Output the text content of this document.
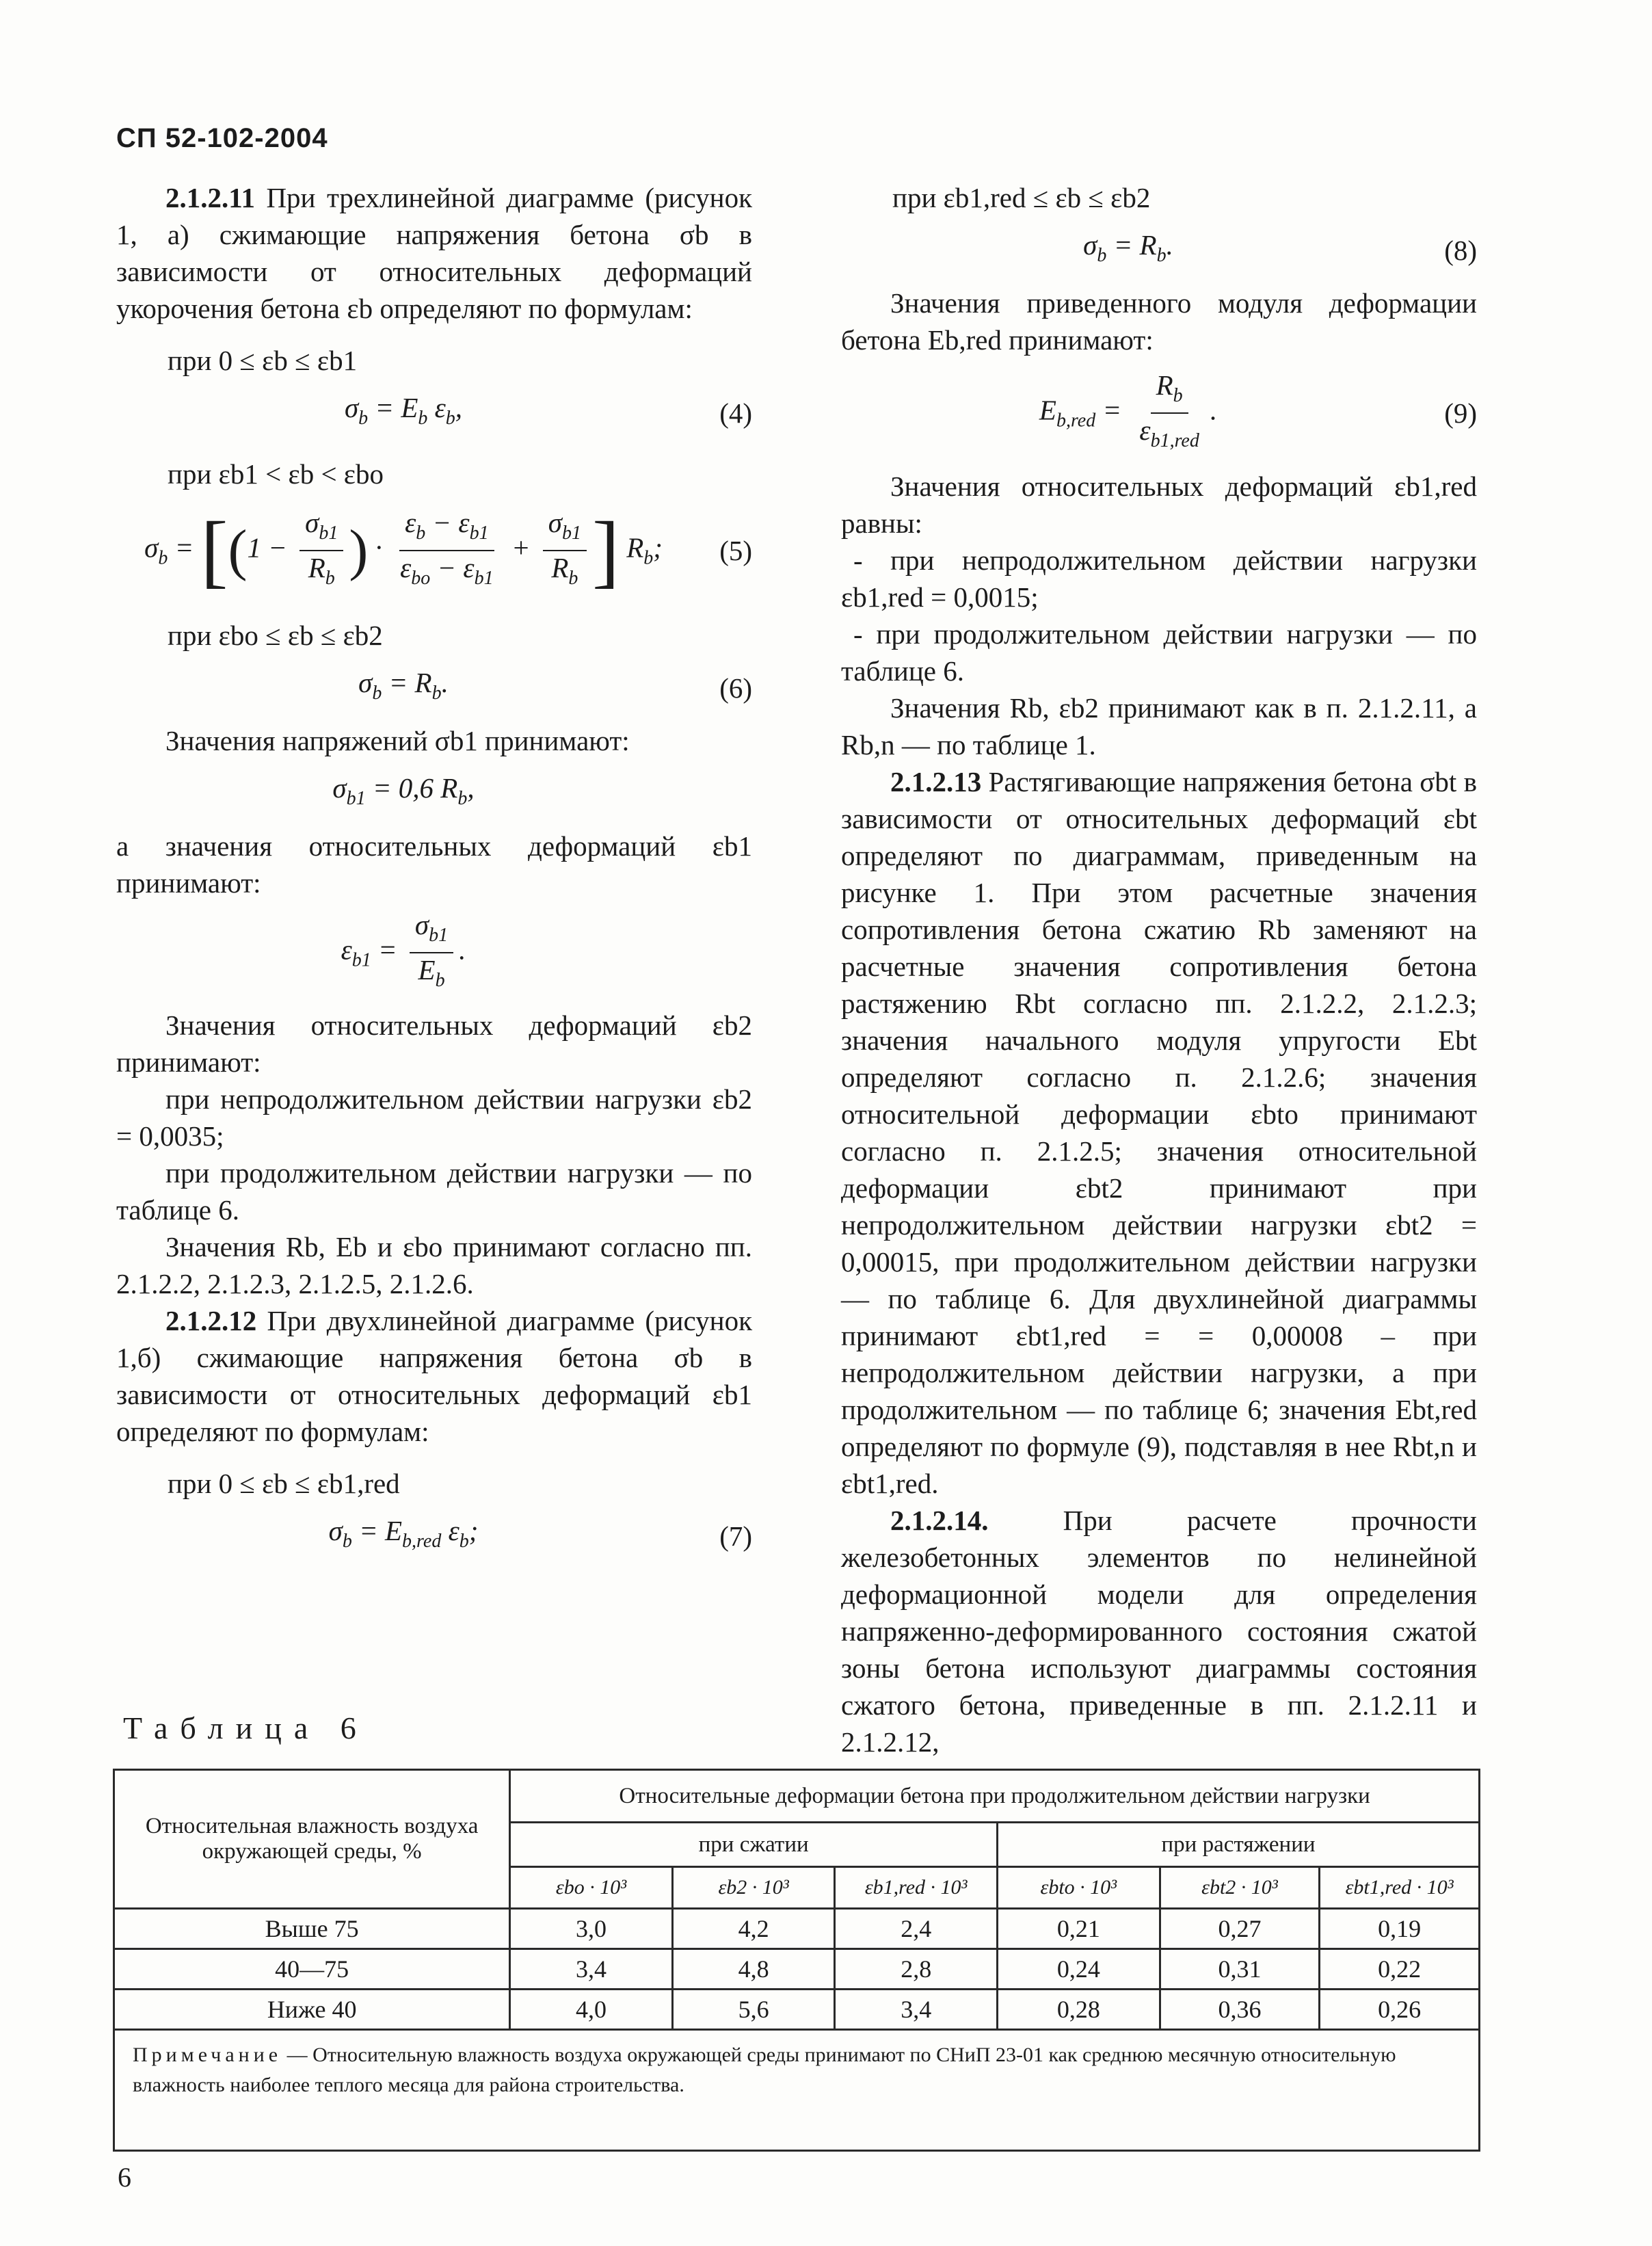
СП 52-102-2004

2.1.2.11 При трехлинейной диаграмме (рисунок 1, а) сжимающие напряжения бетона σb в зависимости от относительных деформаций укорочения бетона εb определяют по формулам:

при 0 ≤ εb ≤ εb1

$\sigma_b = E_b$ $\varepsilon_b$,	(4)

при εb1 < εb < εbo

$\sigma_b = [(1 - \frac{\sigma_{b1}}{R_b}$ ) · $\frac{\varepsilon_b - \varepsilon_{b1}}{\varepsilon_{bo} - \varepsilon_{b1}} + \frac{\sigma_{b1}}{R_b}$ ] $R_b$;	(5)

при εbo ≤ εb ≤ εb2

$\sigma_b = R_b$.	(6)

Значения напряжений σb1 принимают:

$\sigma_{b1} = 0,6$ $R_b$,

а значения относительных деформаций εb1 принимают:

$\varepsilon_{b1} = \frac{\sigma_{b1}}{E_b}$ .

Значения относительных деформаций εb2 принимают:

при непродолжительном действии нагрузки εb2 = 0,0035;

при продолжительном действии нагрузки — по таблице 6.

Значения Rb, Eb и εbo принимают согласно пп. 2.1.2.2, 2.1.2.3, 2.1.2.5, 2.1.2.6.

2.1.2.12 При двухлинейной диаграмме (рисунок 1,б) сжимающие напряжения бетона σb в зависимости от относительных деформаций εb1 определяют по формулам:

при 0 ≤ εb ≤ εb1,red

$\sigma_b = E_{b,red}$ $\varepsilon_b$;	(7)

при εb1,red ≤ εb ≤ εb2

$\sigma_b = R_b$.	(8)

Значения приведенного модуля деформации бетона Eb,red принимают:

$E_{b,red} = \frac{R_b}{\varepsilon_{b1,red}}$ .	(9)

Значения относительных деформаций εb1,red равны:

- при непродолжительном действии нагрузки εb1,red = 0,0015;

- при продолжительном действии нагрузки — по таблице 6.

Значения Rb, εb2 принимают как в п. 2.1.2.11, а Rb,n — по таблице 1.

2.1.2.13 Растягивающие напряжения бетона σbt в зависимости от относительных деформаций εbt определяют по диаграммам, приведенным на рисунке 1. При этом расчетные значения сопротивления бетона сжатию Rb заменяют на расчетные значения сопротивления бетона растяжению Rbt согласно пп. 2.1.2.2, 2.1.2.3; значения начального модуля упругости Ebt определяют согласно п. 2.1.2.6; значения относительной деформации εbto принимают согласно п. 2.1.2.5; значения относительной деформации εbt2 принимают при непродолжительном действии нагрузки εbt2 = 0,00015, при продолжительном действии нагрузки — по таблице 6. Для двухлинейной диаграммы принимают εbt1,red = = 0,00008 – при непродолжительном действии нагрузки, а при продолжительном — по таблице 6; значения Ebt,red определяют по формуле (9), подставляя в нее Rbt,n и εbt1,red.

2.1.2.14.	При расчете прочности железобетонных элементов по нелинейной деформационной модели для определения напряженно-деформированного состояния сжатой зоны бетона используют диаграммы состояния сжатого бетона, приведенные в пп. 2.1.2.11 и 2.1.2.12,

Таблица 6
Относительная влажность воздуха окружающей среды, %	Относительные деформации бетона при продолжительном действии нагрузки					
	при сжатии			при растяжении		
	εbo · 10³	εb2 · 10³	εb1,red · 10³	εbto · 10³	εbt2 · 10³	εbt1,red · 10³
Выше 75	3,0	4,2	2,4	0,21	0,27	0,19
40—75	3,4	4,8	2,8	0,24	0,31	0,22
Ниже 40	4,0	5,6	3,4	0,28	0,36	0,26
Примечание — Относительную влажность воздуха окружающей среды принимают по СНиП 23-01 как среднюю месячную относительную влажность наиболее теплого месяца для района строительства.						
6
